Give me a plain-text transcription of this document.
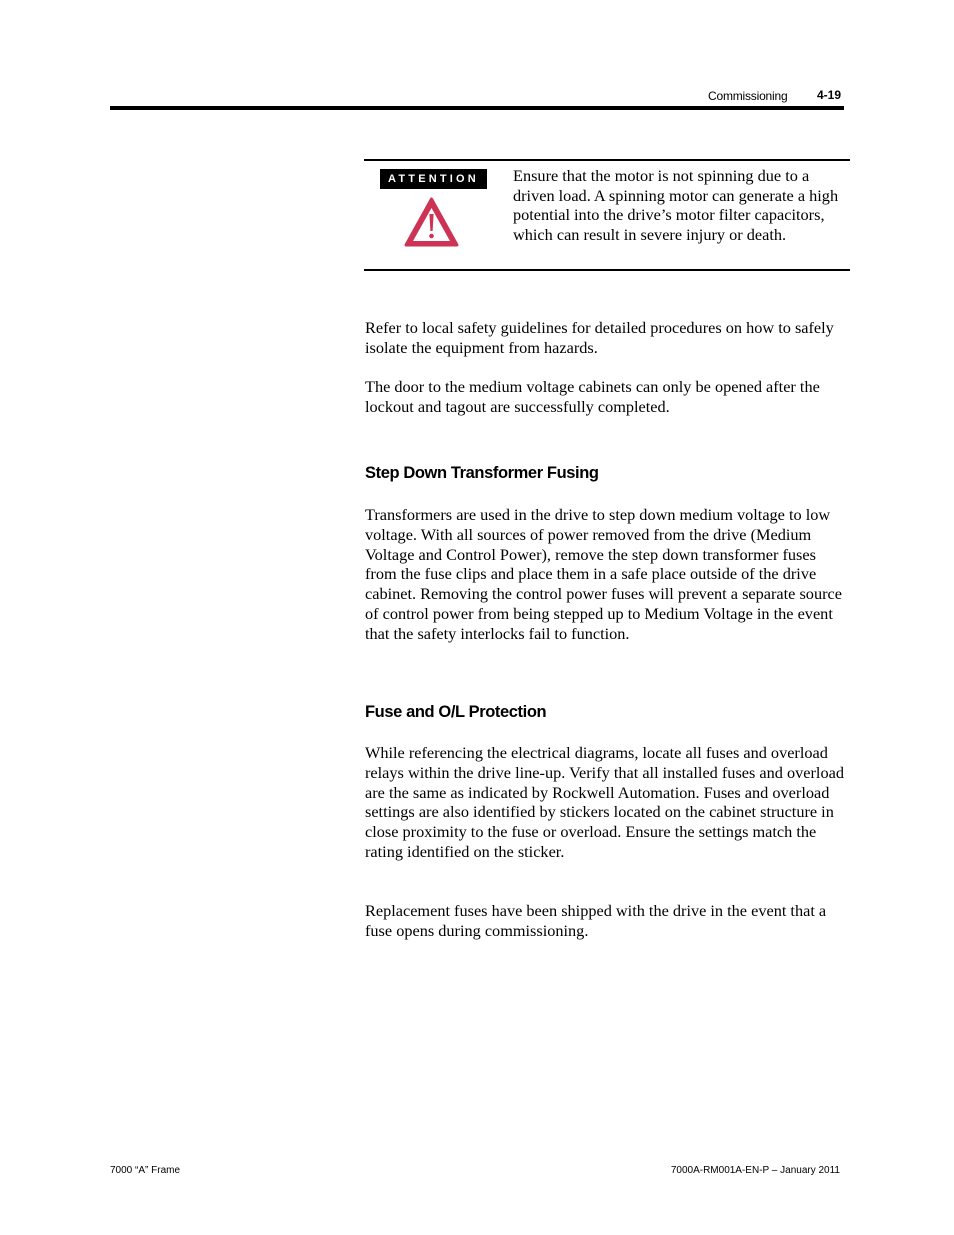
Commissioning 4-19
ATTENTION	Ensure that the motor is not spinning due to a driven load. A spinning motor can generate a high potential into the drive’s motor filter capacitors, which can result in severe injury or death.

Refer to local safety guidelines for detailed procedures on how to safely isolate the equipment from hazards.

The door to the medium voltage cabinets can only be opened after the lockout and tagout are successfully completed.

Step Down Transformer Fusing

Transformers are used in the drive to step down medium voltage to low voltage. With all sources of power removed from the drive (Medium Voltage and Control Power), remove the step down transformer fuses from the fuse clips and place them in a safe place outside of the drive cabinet. Removing the control power fuses will prevent a separate source of control power from being stepped up to Medium Voltage in the event that the safety interlocks fail to function.

Fuse and O/L Protection

While referencing the electrical diagrams, locate all fuses and overload relays within the drive line-up. Verify that all installed fuses and overload are the same as indicated by Rockwell Automation. Fuses and overload settings are also identified by stickers located on the cabinet structure in close proximity to the fuse or overload. Ensure the settings match the rating identified on the sticker.

Replacement fuses have been shipped with the drive in the event that a fuse opens during commissioning.

7000 “A” Frame	7000A-RM001A-EN-P – January 2011
